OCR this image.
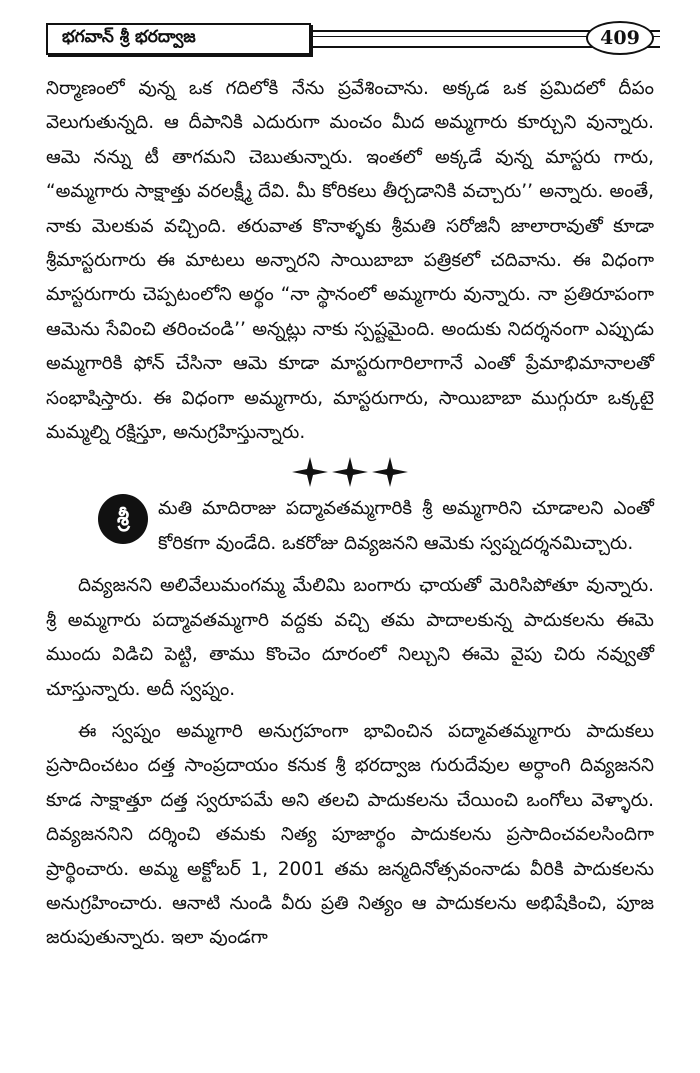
భగవాన్ శ్రీ భరద్వాజ	409

నిర్మాణంలో వున్న ఒక గదిలోకి నేను ప్రవేశించాను. అక్కడ ఒక ప్రమిదలో దీపం వెలుగుతున్నది. ఆ దీపానికి ఎదురుగా మంచం మీద అమ్మగారు కూర్చుని వున్నారు. ఆమె నన్ను టీ తాగమని చెబుతున్నారు. ఇంతలో అక్కడే వున్న మాస్టరు గారు, “అమ్మగారు సాక్షాత్తు వరలక్ష్మీ దేవి. మీ కోరికలు తీర్చడానికి వచ్చారు’’ అన్నారు. అంతే, నాకు మెలకువ వచ్చింది. తరువాత కొనాళ్ళకు శ్రీమతి సరోజినీ జాలారావుతో కూడా శ్రీమాస్టరుగారు ఈ మాటలు అన్నారని సాయిబాబా పత్రికలో చదివాను. ఈ విధంగా మాస్టరుగారు చెప్పటంలోని అర్థం “నా స్థానంలో అమ్మగారు వున్నారు. నా ప్రతిరూపంగా ఆమెను సేవించి తరించండి’’ అన్నట్లు నాకు స్పష్టమైంది. అందుకు నిదర్శనంగా ఎప్పుడు అమ్మగారికి ఫోన్ చేసినా ఆమె కూడా మాస్టరుగారిలాగానే ఎంతో ప్రేమాభిమానాలతో సంభాషిస్తారు. ఈ విధంగా అమ్మగారు, మాస్టరుగారు, సాయిబాబా ముగ్గురూ ఒక్కటై మమ్మల్ని రక్షిస్తూ, అనుగ్రహిస్తున్నారు.

శ్రీ	మతి మాదిరాజు పద్మావతమ్మగారికి శ్రీ అమ్మగారిని చూడాలని ఎంతో కోరికగా వుండేది. ఒకరోజు దివ్యజనని ఆమెకు స్వప్నదర్శనమిచ్చారు.

దివ్యజనని అలివేలుమంగమ్మ మేలిమి బంగారు ఛాయతో మెరిసిపోతూ వున్నారు. శ్రీ అమ్మగారు పద్మావతమ్మగారి వద్దకు వచ్చి తమ పాదాలకున్న పాదుకలను ఈమె ముందు విడిచి పెట్టి, తాము కొంచెం దూరంలో నిల్చుని ఈమె వైపు చిరు నవ్వుతో చూస్తున్నారు. అదీ స్వప్నం.

ఈ స్వప్నం అమ్మగారి అనుగ్రహంగా భావించిన పద్మావతమ్మగారు పాదుకలు ప్రసాదించటం దత్త సాంప్రదాయం కనుక శ్రీ భరద్వాజ గురుదేవుల అర్ధాంగి దివ్యజనని కూడ సాక్షాత్తూ దత్త స్వరూపమే అని తలచి పాదుకలను చేయించి ఒంగోలు వెళ్ళారు. దివ్యజననిని దర్శించి తమకు నిత్య పూజార్థం పాదుకలను ప్రసాదించవలసిందిగా ప్రార్థించారు. అమ్మ అక్టోబర్ 1, 2001 తమ జన్మదినోత్సవంనాడు వీరికి పాదుకలను అనుగ్రహించారు. ఆనాటి నుండి వీరు ప్రతి నిత్యం ఆ పాదుకలను అభిషేకించి, పూజ జరుపుతున్నారు. ఇలా వుండగా
